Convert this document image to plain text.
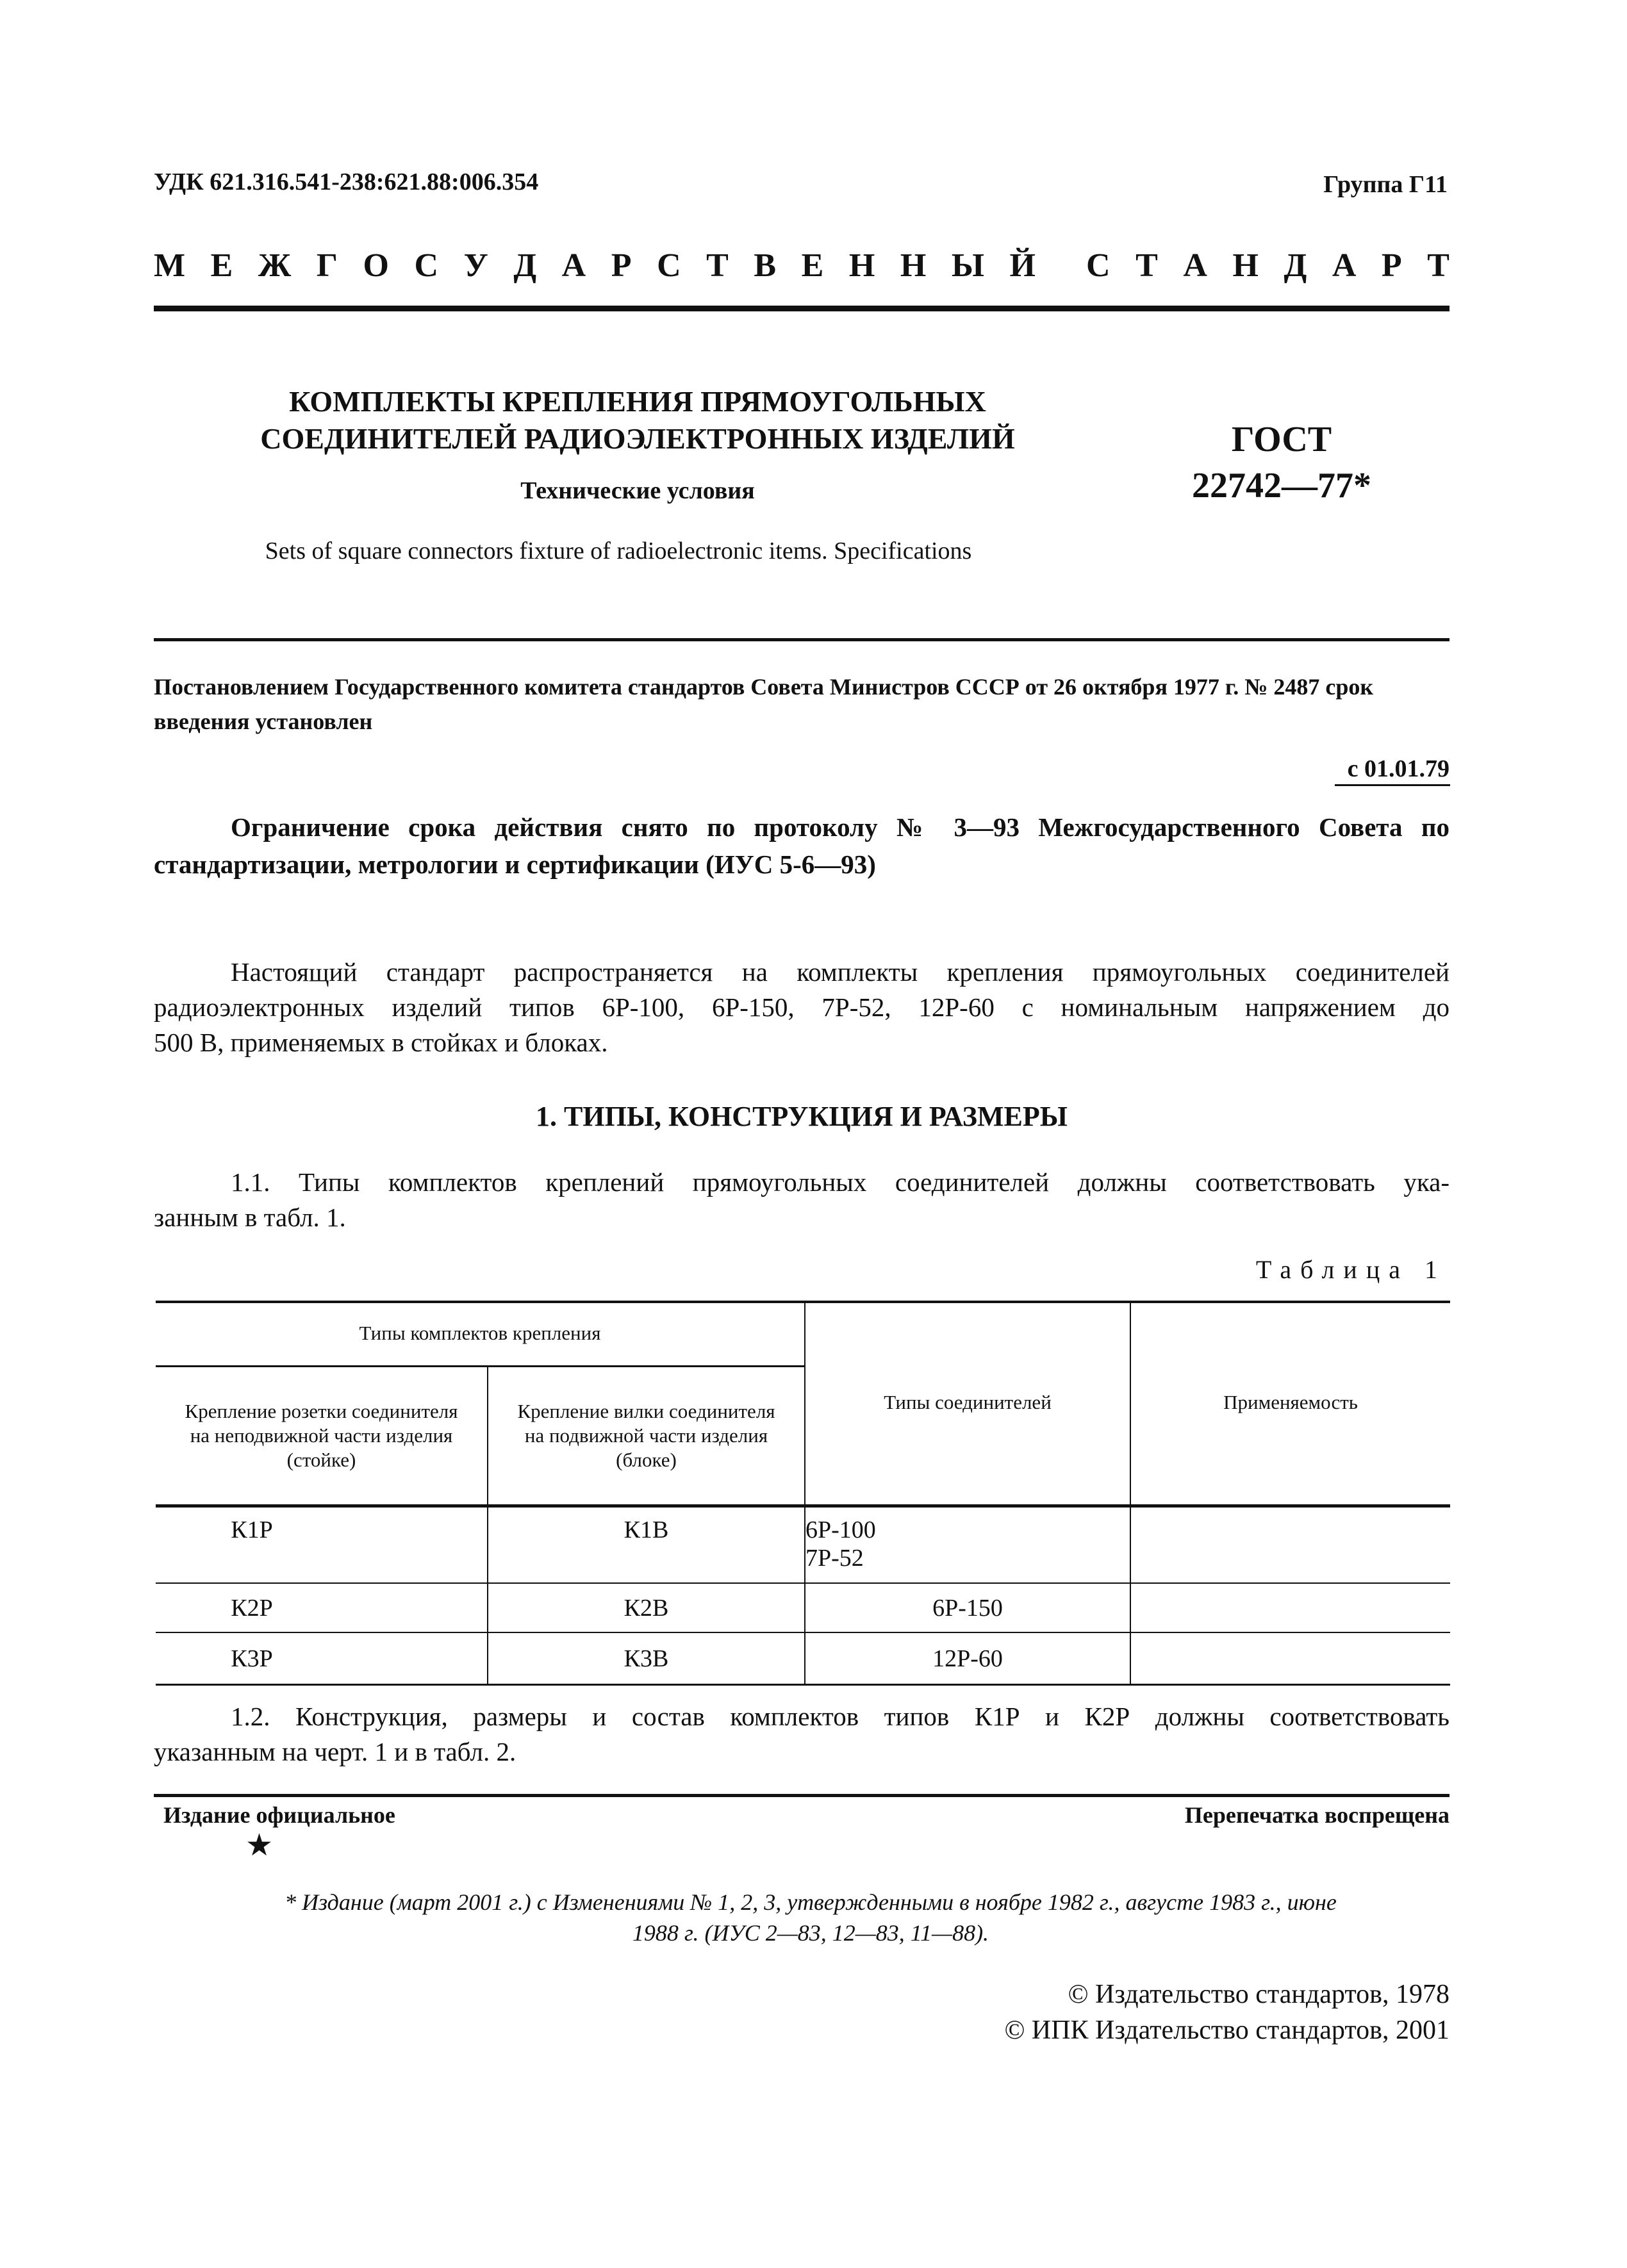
УДК 621.316.541-238:621.88:006.354	Группа Г11
М Е Ж Г О С У Д А Р С Т В Е Н Н Ы Й С Т А Н Д А Р Т
КОМПЛЕКТЫ КРЕПЛЕНИЯ ПРЯМОУГОЛЬНЫХ
СОЕДИНИТЕЛЕЙ РАДИОЭЛЕКТРОННЫХ ИЗДЕЛИЙ
Технические условия
Sets of square connectors fixture of radioelectronic items. Specifications
ГОСТ
22742—77*
Постановлением Государственного комитета стандартов Совета Министров СССР от 26 октября 1977 г. № 2487 срок введения установлен
с 01.01.79
Ограничение срока действия снято по протоколу № 3—93 Межгосударственного Совета по
стандартизации, метрологии и сертификации (ИУС 5-6—93)

Настоящий стандарт распространяется на комплекты крепления прямоугольных соединителей

радиоэлектронных изделий типов 6Р-100, 6Р-150, 7Р-52, 12Р-60 с номинальным напряжением до

500 В, применяемых в стойках и блоках.

1. ТИПЫ, КОНСТРУКЦИЯ И РАЗМЕРЫ

1.1. Типы комплектов креплений прямоугольных соединителей должны соответствовать ука-

занным в табл. 1.

Таблица 1
Типы комплектов крепления
Крепление розетки соединителя на неподвижной части изделия (стойке)
Крепление вилки соединителя на подвижной части изделия (блоке)
Типы соединителей	Применяемость
К1Р	К1В	6Р-100
7Р-52
К2Р	К2В	6Р-150
К3Р	К3В	12Р-60

1.2. Конструкция, размеры и состав комплектов типов К1Р и К2Р должны соответствовать

указанным на черт. 1 и в табл. 2.

Издание официальное	Перепечатка воспрещена
★
* Издание (март 2001 г.) с Изменениями № 1, 2, 3, утвержденными в ноябре 1982 г., августе 1983 г., июне
1988 г. (ИУС 2—83, 12—83, 11—88).
© Издательство стандартов, 1978
© ИПК Издательство стандартов, 2001
